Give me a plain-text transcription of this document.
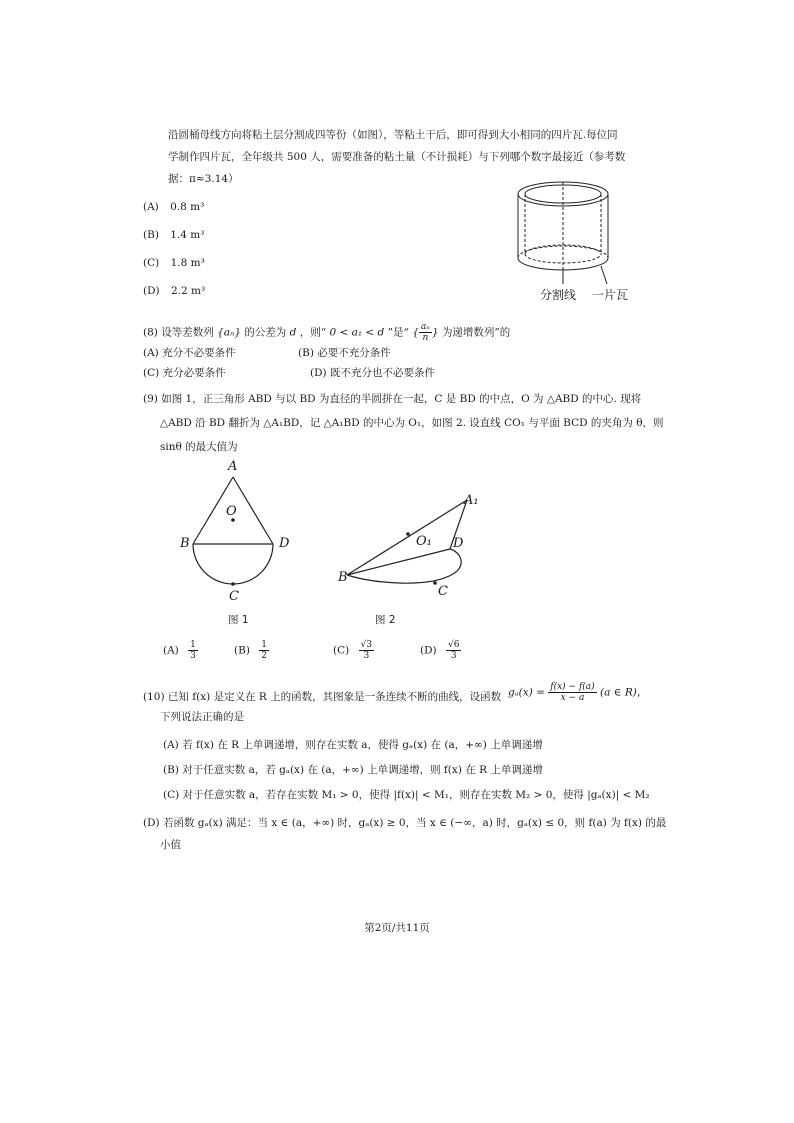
沿圆桶母线方向将粘土层分割成四等份（如图），等粘土干后，即可得到大小相同的四片瓦.每位同
学制作四片瓦，全年级共 500 人，需要准备的粘土量（不计损耗）与下列哪个数字最接近（参考数
据：π≈3.14）
(A) 0.8 m³
(B) 1.4 m³
(C) 1.8 m³
(D) 2.2 m³	分割线 一片瓦
(8) 设等差数列 {aₙ} 的公差为 d ，则“ 0 < a₁ < d ”是“ { $\frac{\text{aₙ}}{n}$ } 为递增数列”的
(A) 充分不必要条件	(B) 必要不充分条件
(C) 充分必要条件	(D) 既不充分也不必要条件
(9) 如图 1，正三角形 ABD 与以 BD 为直径的半圆拼在一起，C 是 BD 的中点，O 为 △ABD 的中心. 现将
△ABD 沿 BD 翻折为 △A₁BD，记 △A₁BD 的中心为 O₁，如图 2. 设直线 CO₁ 与平面 BCD 的夹角为 θ，则
sinθ 的最大值为
A
O
B	D
C
图 1
A₁
O₁ D
B
C
图 2
$(A) \frac{1}{3}$	$(B) \frac{1}{2}$	$(C) \frac{√3}{3}$	$(D) \frac{√6}{3}$
(10) 已知 f(x) 是定义在 R 上的函数，其图象是一条连续不断的曲线，设函数 $g_a(x) = \frac{f(x) - f(a)}{x - a} (a$ ∈ R)，
下列说法正确的是
(A) 若 f(x) 在 R 上单调递增，则存在实数 a，使得 gₐ(x) 在 (a，+∞) 上单调递增
(B) 对于任意实数 a，若 gₐ(x) 在 (a，+∞) 上单调递增，则 f(x) 在 R 上单调递增
(C) 对于任意实数 a，若存在实数 M₁ > 0，使得 |f(x)| < M₁，则存在实数 M₂ > 0，使得 |gₐ(x)| < M₂
(D) 若函数 gₐ(x) 满足：当 x ∈ (a，+∞) 时，gₐ(x) ≥ 0，当 x ∈ (−∞，a) 时，gₐ(x) ≤ 0，则 f(a) 为 f(x) 的最
小值
第2页/共11页
